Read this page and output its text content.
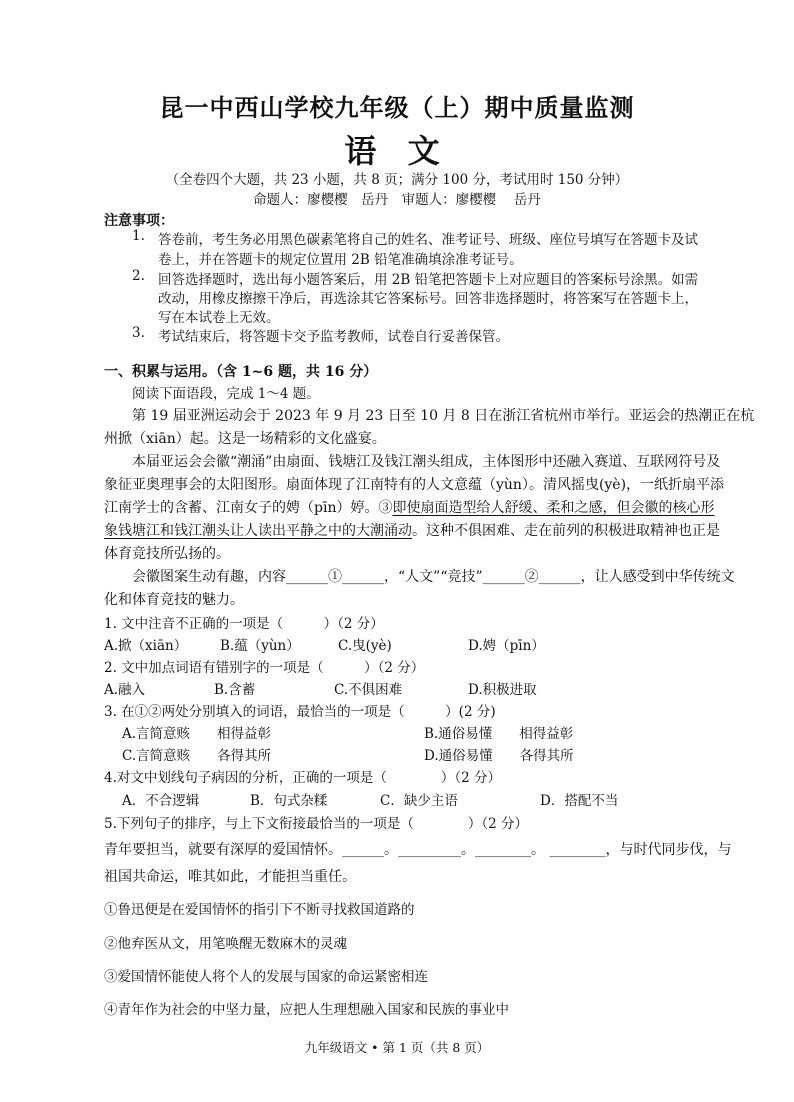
昆一中西山学校九年级（上）期中质量监测
语 文
（全卷四个大题，共 23 小题，共 8 页；满分 100 分，考试用时 150 分钟）
命题人：廖樱樱　岳丹　审题人：廖樱樱　 岳丹
注意事项：
1. 答卷前，考生务必用黑色碳素笔将自己的姓名、准考证号、班级、座位号填写在答题卡及试
卷上，并在答题卡的规定位置用 2B 铅笔准确填涂准考证号。
2. 回答选择题时，选出每小题答案后，用 2B 铅笔把答题卡上对应题目的答案标号涂黑。如需
改动，用橡皮擦擦干净后，再选涂其它答案标号。回答非选择题时，将答案写在答题卡上，
写在本试卷上无效。
3. 考试结束后，将答题卡交予监考教师，试卷自行妥善保管。
一、积累与运用。（含 1~6 题，共 16 分）
阅读下面语段，完成 1～4 题。
第 19 届亚洲运动会于 2023 年 9 月 23 日至 10 月 8 日在浙江省杭州市举行。亚运会的热潮正在杭
州掀（xiān）起。这是一场精彩的文化盛宴。
本届亚运会会徽“潮涌”由扇面、钱塘江及钱江潮头组成，主体图形中还融入赛道、互联网符号及
象征亚奥理事会的太阳图形。扇面体现了江南特有的人文意蕴（yùn）。清风摇曳(yè)，一纸折扇平添
江南学士的含蓄、江南女子的娉（pīn）婷。③即使扇面造型给人舒缓、柔和之感，但会徽的核心形
象钱塘江和钱江潮头让人读出平静之中的大潮涌动。这种不俱困难、走在前列的积极进取精神也正是
体育竞技所弘扬的。
会徽图案生动有趣，内容______①______，“人文”“竞技”______②______，让人感受到中华传统文
化和体育竞技的魅力。
1. 文中注音不正确的一项是（　　　）（2 分）
A.掀（xiān） B.蕴（yùn）	C.曳(yè)	D.娉（pīn）
2. 文中加点词语有错别字的一项是（　　　）（2 分）
A.融入	B.含蓄	C.不俱困难	D.积极进取
3. 在①②两处分别填入的词语，最恰当的一项是（　　　）(2 分)
A.言简意赅　　相得益彰	B.通俗易懂　　相得益彰
C.言简意赅　　各得其所	D.通俗易懂　　各得其所
4.对文中划线句子病因的分析，正确的一项是（　　　　）（2 分）
A．不合逻辑	B．句式杂糅	C．缺少主语	D．搭配不当
5.下列句子的排序，与上下文衔接最恰当的一项是（　　　　）（2 分）
青年要担当，就要有深厚的爱国情怀。______。_________。________。 ________，与时代同步伐，与
祖国共命运，唯其如此，才能担当重任。
①鲁迅便是在爱国情怀的指引下不断寻找救国道路的
②他弃医从文，用笔唤醒无数麻木的灵魂
③爱国情怀能使人将个人的发展与国家的命运紧密相连
④青年作为社会的中坚力量，应把人生理想融入国家和民族的事业中
九年级语文 • 第 1 页（共 8 页）
